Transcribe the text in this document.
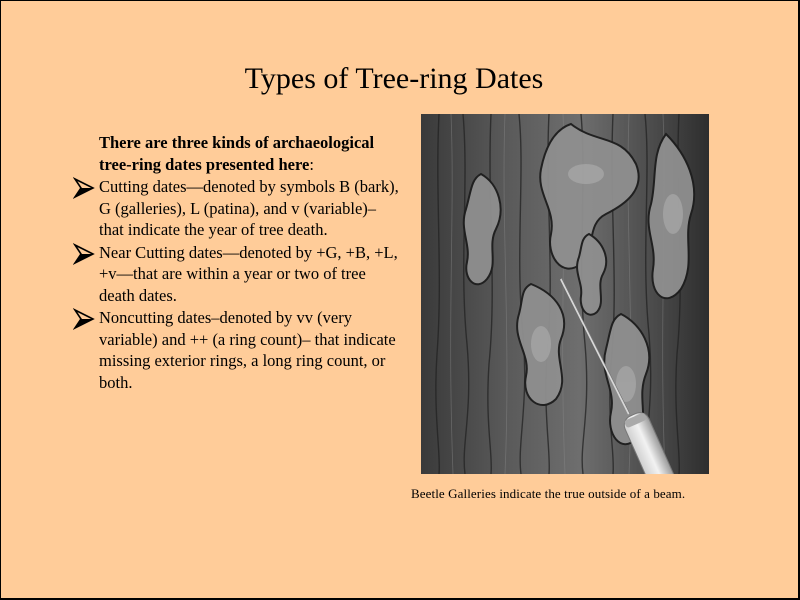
Types of Tree-ring Dates
There are three kinds of archaeological tree-ring dates presented here:
Cutting dates—denoted by symbols B (bark), G (galleries), L (patina), and v (variable)– that indicate the year of tree death.
Near Cutting dates—denoted by +G, +B, +L, +v—that are within a year or two of tree death dates.
Noncutting dates–denoted by vv (very variable) and ++ (a ring count)– that indicate missing exterior rings, a long ring count, or both.
Beetle Galleries indicate the true outside of a beam.
